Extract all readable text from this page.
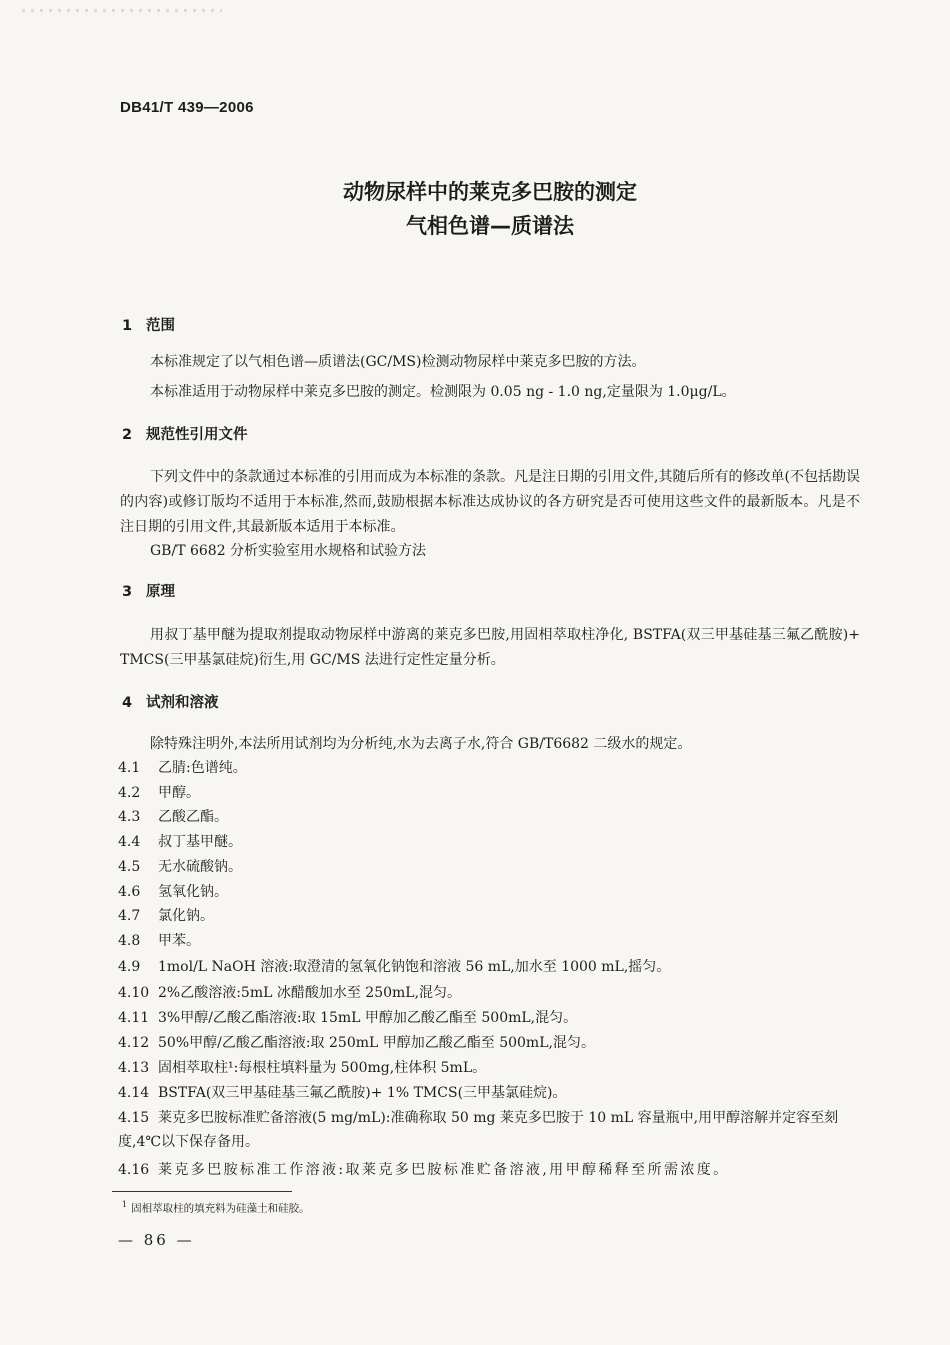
DB41/T 439—2006
动物尿样中的莱克多巴胺的测定
气相色谱—质谱法
1 范围
本标准规定了以气相色谱—质谱法(GC/MS)检测动物尿样中莱克多巴胺的方法。
本标准适用于动物尿样中莱克多巴胺的测定。检测限为 0.05 ng - 1.0 ng,定量限为 1.0μg/L。
2 规范性引用文件
下列文件中的条款通过本标准的引用而成为本标准的条款。凡是注日期的引用文件,其随后所有的修改单(不包括勘误的内容)或修订版均不适用于本标准,然而,鼓励根据本标准达成协议的各方研究是否可使用这些文件的最新版本。凡是不注日期的引用文件,其最新版本适用于本标准。
GB/T 6682 分析实验室用水规格和试验方法
3 原理
用叔丁基甲醚为提取剂提取动物尿样中游离的莱克多巴胺,用固相萃取柱净化, BSTFA(双三甲基硅基三氟乙酰胺)+ TMCS(三甲基氯硅烷)衍生,用 GC/MS 法进行定性定量分析。
4 试剂和溶液
除特殊注明外,本法所用试剂均为分析纯,水为去离子水,符合 GB/T6682 二级水的规定。
4.1 乙腈:色谱纯。
4.2 甲醇。
4.3 乙酸乙酯。
4.4 叔丁基甲醚。
4.5 无水硫酸钠。
4.6 氢氧化钠。
4.7 氯化钠。
4.8 甲苯。
4.9 1mol/L NaOH 溶液:取澄清的氢氧化钠饱和溶液 56 mL,加水至 1000 mL,摇匀。
4.10 2%乙酸溶液:5mL 冰醋酸加水至 250mL,混匀。
4.11 3%甲醇/乙酸乙酯溶液:取 15mL 甲醇加乙酸乙酯至 500mL,混匀。
4.12 50%甲醇/乙酸乙酯溶液:取 250mL 甲醇加乙酸乙酯至 500mL,混匀。
4.13 固相萃取柱¹:每根柱填料量为 500mg,柱体积 5mL。
4.14 BSTFA(双三甲基硅基三氟乙酰胺)+ 1% TMCS(三甲基氯硅烷)。
4.15 莱克多巴胺标准贮备溶液(5 mg/mL):准确称取 50 mg 莱克多巴胺于 10 mL 容量瓶中,用甲醇溶解并定容至刻度,4℃以下保存备用。
4.16 莱克多巴胺标准工作溶液:取莱克多巴胺标准贮备溶液,用甲醇稀释至所需浓度。
$^1$ 固相萃取柱的填充料为硅藻土和硅胶。
— 86 —
